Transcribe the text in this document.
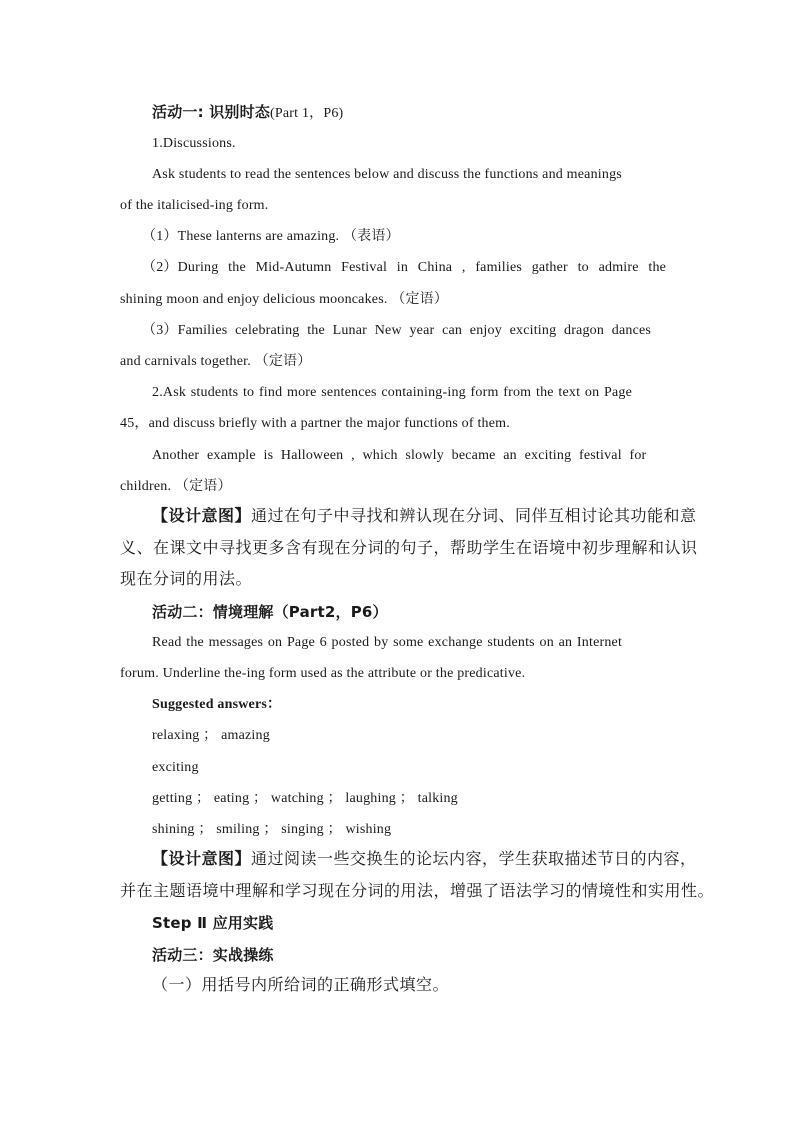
活动一: 识别时态(Part 1，P6)
1.Discussions.
Ask students to read the sentences below and discuss the functions and meanings
of the italicised-ing form.
（1）These lanterns are amazing. （表语）
（2）During the Mid-Autumn Festival in China , families gather to admire the
shining moon and enjoy delicious mooncakes. （定语）
（3）Families celebrating the Lunar New year can enjoy exciting dragon dances
and carnivals together. （定语）
2.Ask students to find more sentences containing-ing form from the text on Page
45，and discuss briefly with a partner the major functions of them.
Another example is Halloween , which slowly became an exciting festival for
children. （定语）
【设计意图】通过在句子中寻找和辨认现在分词、同伴互相讨论其功能和意
义、在课文中寻找更多含有现在分词的句子，帮助学生在语境中初步理解和认识
现在分词的用法。
活动二：情境理解（Part2，P6）
Read the messages on Page 6 posted by some exchange students on an Internet
forum. Underline the-ing form used as the attribute or the predicative.
Suggested answers：
relaxing ； amazing
exciting
getting ； eating ； watching ； laughing ； talking
shining ； smiling ； singing ； wishing
【设计意图】通过阅读一些交换生的论坛内容，学生获取描述节日的内容，
并在主题语境中理解和学习现在分词的用法，增强了语法学习的情境性和实用性。
Step Ⅱ 应用实践
活动三：实战操练
（一）用括号内所给词的正确形式填空。
